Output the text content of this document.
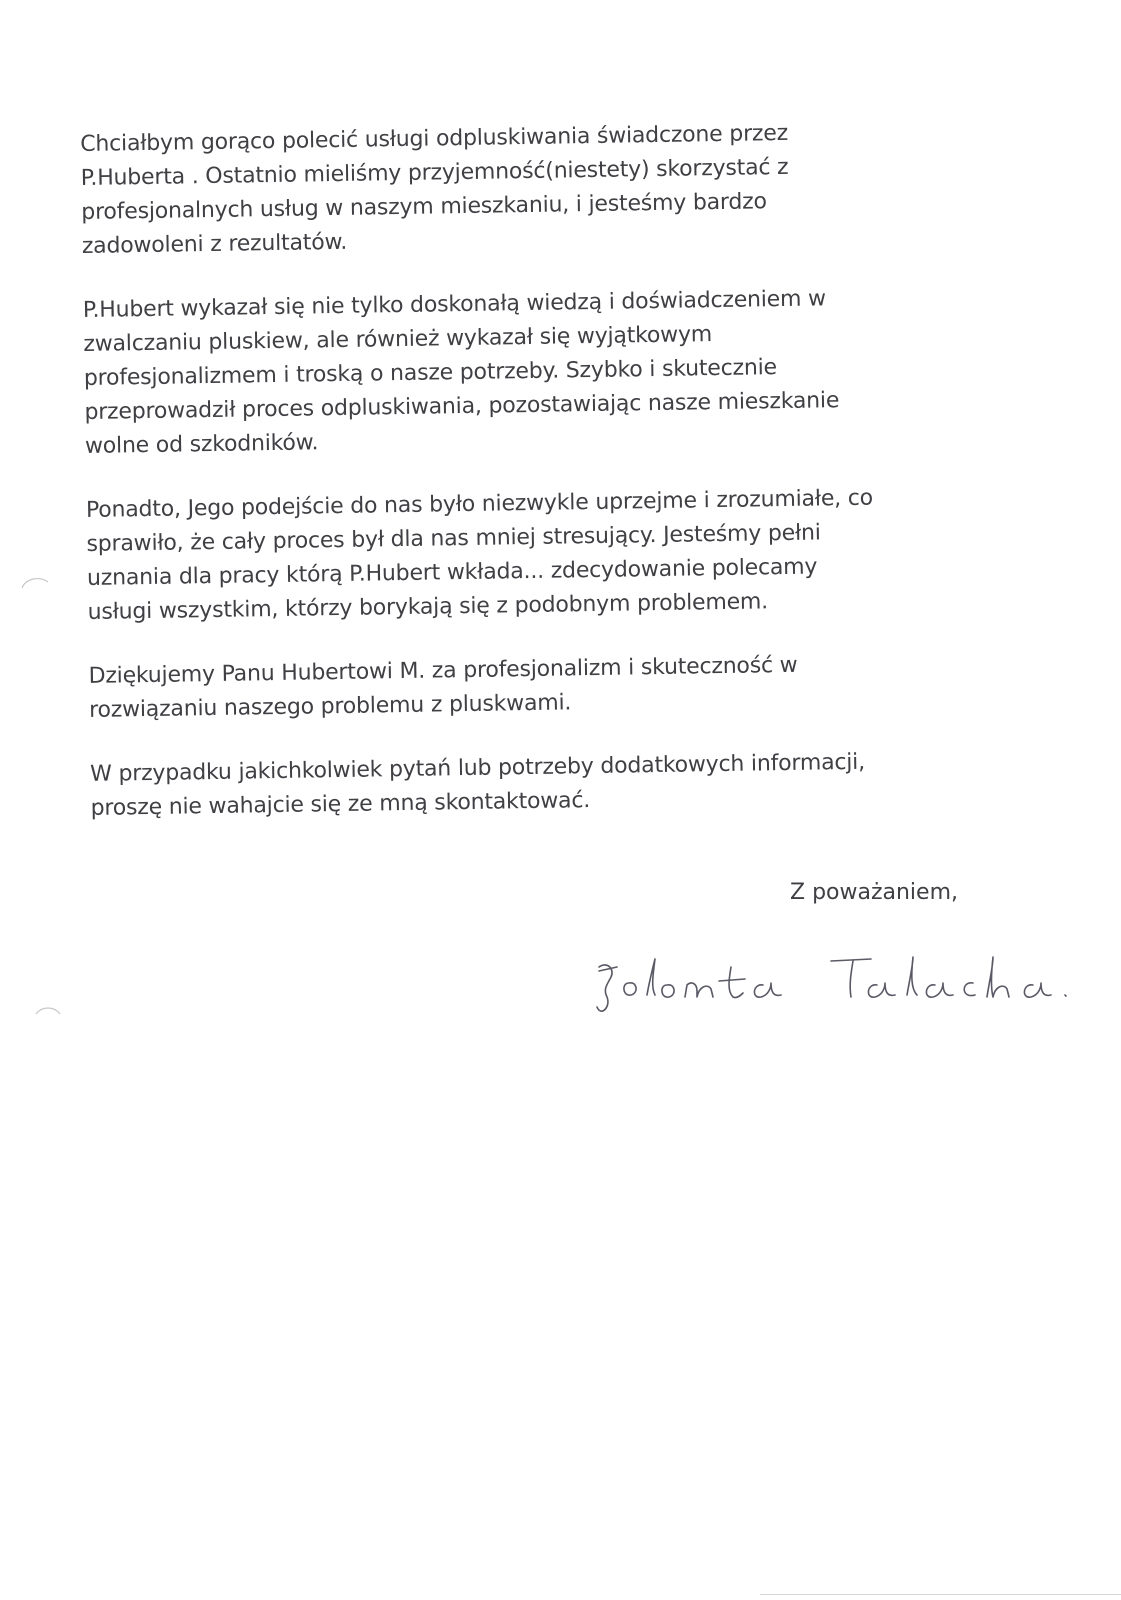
Chciałbym gorąco polecić usługi odpluskiwania świadczone przez
P.Huberta . Ostatnio mieliśmy przyjemność(niestety) skorzystać z
profesjonalnych usług w naszym mieszkaniu, i jesteśmy bardzo
zadowoleni z rezultatów.

P.Hubert wykazał się nie tylko doskonałą wiedzą i doświadczeniem w
zwalczaniu pluskiew, ale również wykazał się wyjątkowym
profesjonalizmem i troską o nasze potrzeby. Szybko i skutecznie
przeprowadził proces odpluskiwania, pozostawiając nasze mieszkanie
wolne od szkodników.

Ponadto, Jego podejście do nas było niezwykle uprzejme i zrozumiałe, co
sprawiło, że cały proces był dla nas mniej stresujący. Jesteśmy pełni
uznania dla pracy którą P.Hubert wkłada... zdecydowanie polecamy
usługi wszystkim, którzy borykają się z podobnym problemem.

Dziękujemy Panu Hubertowi M. za profesjonalizm i skuteczność w
rozwiązaniu naszego problemu z pluskwami.

W przypadku jakichkolwiek pytań lub potrzeby dodatkowych informacji,
proszę nie wahajcie się ze mną skontaktować.

Z poważaniem,
